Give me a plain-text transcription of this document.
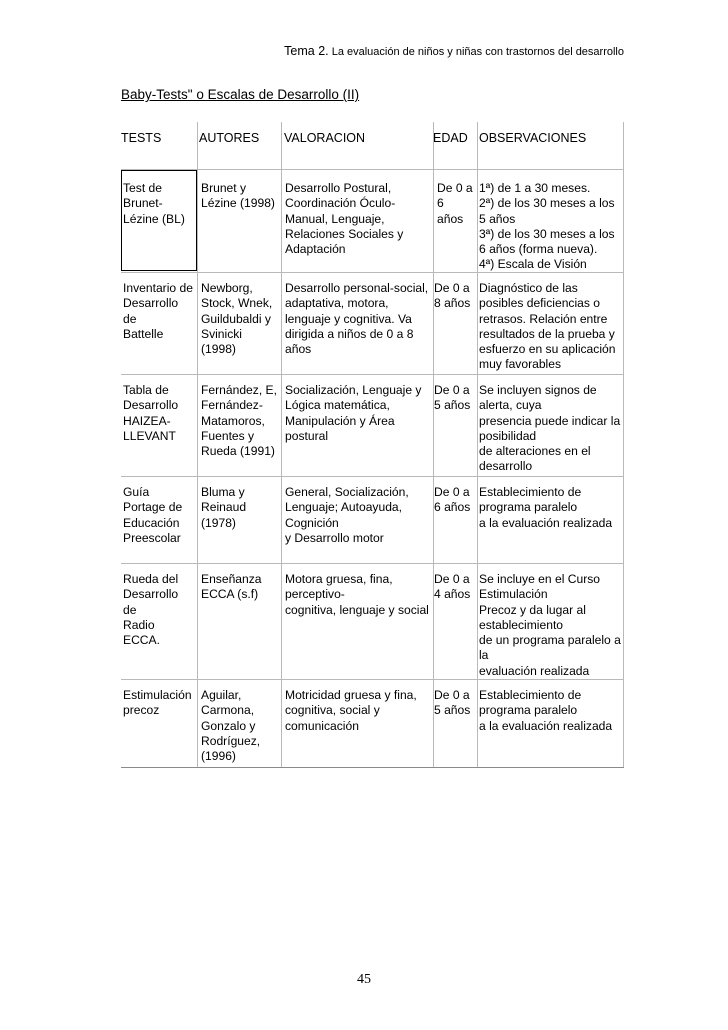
Tema 2. La evaluación de niños y niñas con trastornos del desarrollo
Baby-Tests" o Escalas de Desarrollo (II)
TESTS	AUTORES VALORACION	EDAD OBSERVACIONES
Test de
Brunet-
Lézine (BL)
Brunet y
Lézine (1998)
Desarrollo Postural,
Coordinación Óculo-
Manual, Lenguaje,
Relaciones Sociales y
Adaptación
De 0 a
6
años
1ª) de 1 a 30 meses.
2ª) de los 30 meses a los
5 años
3ª) de los 30 meses a los
6 años (forma nueva).
4ª) Escala de Visión
Inventario de
Desarrollo
de
Battelle
Newborg,
Stock, Wnek,
Guildubaldi y
Svinicki
(1998)
Desarrollo personal-social,
adaptativa, motora,
lenguaje y cognitiva. Va
dirigida a niños de 0 a 8
años
De 0 a
8 años
Diagnóstico de las
posibles deficiencias o
retrasos. Relación entre
resultados de la prueba y
esfuerzo en su aplicación
muy favorables
Tabla de
Desarrollo
HAIZEA-
LLEVANT
Fernández, E,
Fernández-
Matamoros,
Fuentes y
Rueda (1991)
Socialización, Lenguaje y
Lógica matemática,
Manipulación y Área
postural
De 0 a
5 años
Se incluyen signos de
alerta, cuya
presencia puede indicar la
posibilidad
de alteraciones en el
desarrollo
Guía
Portage de
Educación
Preescolar
Bluma y
Reinaud
(1978)
General, Socialización,
Lenguaje; Autoayuda,
Cognición
y Desarrollo motor
De 0 a
6 años
Establecimiento de
programa paralelo
a la evaluación realizada
Rueda del
Desarrollo
de
Radio
ECCA.
Enseñanza
ECCA (s.f)
Motora gruesa, fina,
perceptivo-
cognitiva, lenguaje y social
De 0 a
4 años
Se incluye en el Curso
Estimulación
Precoz y da lugar al
establecimiento
de un programa paralelo a
la
evaluación realizada
Estimulación
precoz
Aguilar,
Carmona,
Gonzalo y
Rodríguez,
(1996)
Motricidad gruesa y fina,
cognitiva, social y
comunicación
De 0 a
5 años
Establecimiento de
programa paralelo
a la evaluación realizada
45
